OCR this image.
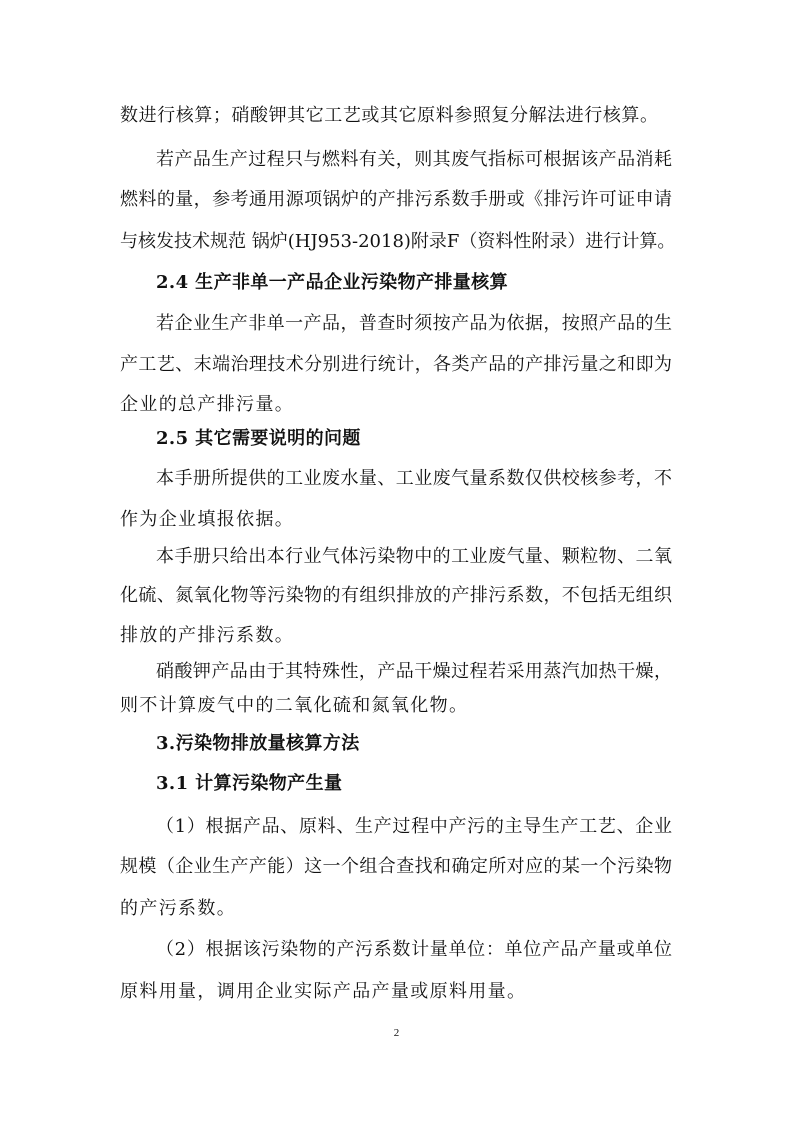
数进行核算；硝酸钾其它工艺或其它原料参照复分解法进行核算。
若产品生产过程只与燃料有关，则其废气指标可根据该产品消耗
燃料的量，参考通用源项锅炉的产排污系数手册或《排污许可证申请
与核发技术规范 锅炉(HJ953-2018)附录F（资料性附录）进行计算。
2.4 生产非单一产品企业污染物产排量核算
若企业生产非单一产品，普查时须按产品为依据，按照产品的生
产工艺、末端治理技术分别进行统计，各类产品的产排污量之和即为
企业的总产排污量。
2.5 其它需要说明的问题
本手册所提供的工业废水量、工业废气量系数仅供校核参考，不
作为企业填报依据。
本手册只给出本行业气体污染物中的工业废气量、颗粒物、二氧
化硫、氮氧化物等污染物的有组织排放的产排污系数，不包括无组织
排放的产排污系数。
硝酸钾产品由于其特殊性，产品干燥过程若采用蒸汽加热干燥，
则不计算废气中的二氧化硫和氮氧化物。
3.污染物排放量核算方法
3.1 计算污染物产生量
（1）根据产品、原料、生产过程中产污的主导生产工艺、企业
规模（企业生产产能）这一个组合查找和确定所对应的某一个污染物
的产污系数。
（2）根据该污染物的产污系数计量单位：单位产品产量或单位
原料用量，调用企业实际产品产量或原料用量。
2
